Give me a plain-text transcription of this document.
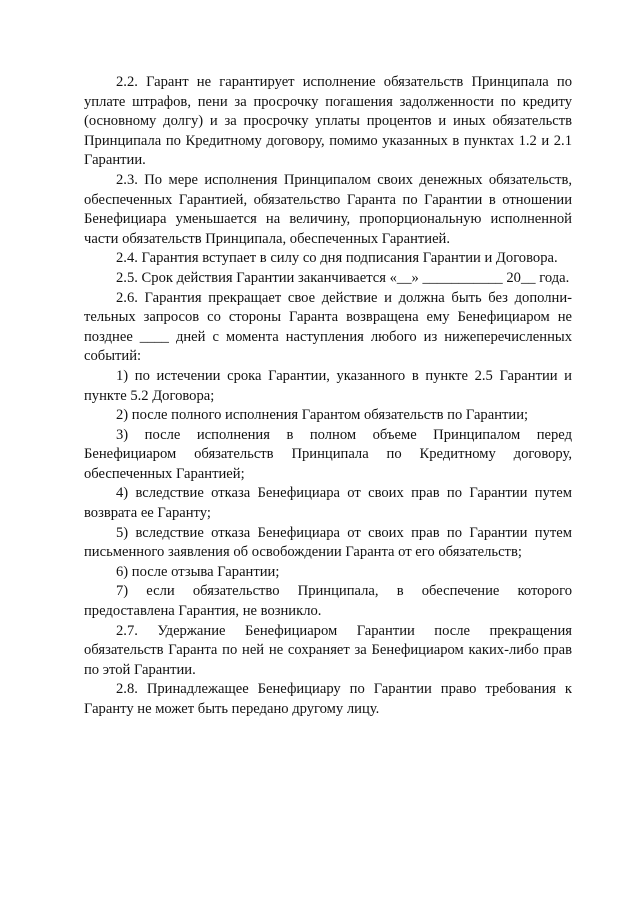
2.2. Гарант не гарантирует исполнение обязательств Принципала по уплате штрафов, пени за просрочку погашения задолженности по кредиту (основному долгу) и за просрочку уплаты процентов и иных обязательств Принципала по Кредитному договору, помимо указанных в пунктах 1.2 и 2.1 Гарантии.

2.3. По мере исполнения Принципалом своих денежных обязательств, обеспеченных Гарантией, обязательство Гаранта по Гарантии в отношении Бенефициара уменьшается на величину, пропорциональную исполненной части обязательств Принципала, обеспеченных Гарантией.

2.4. Гарантия вступает в силу со дня подписания Гарантии и Договора.

2.5. Срок действия Гарантии заканчивается «__» ___________ 20__ года.

2.6. Гарантия прекращает свое действие и должна быть без дополни-тельных запросов со стороны Гаранта возвращена ему Бенефициаром не позднее ____ дней с момента наступления любого из нижеперечисленных событий:

1) по истечении срока Гарантии, указанного в пункте 2.5 Гарантии и пункте 5.2 Договора;

2) после полного исполнения Гарантом обязательств по Гарантии;

3) после исполнения в полном объеме Принципалом перед Бенефициаром обязательств Принципала по Кредитному договору, обеспеченных Гарантией;

4) вследствие отказа Бенефициара от своих прав по Гарантии путем возврата ее Гаранту;

5) вследствие отказа Бенефициара от своих прав по Гарантии путем письменного заявления об освобождении Гаранта от его обязательств;

6) после отзыва Гарантии;

7) если обязательство Принципала, в обеспечение которого предоставлена Гарантия, не возникло.

2.7. Удержание Бенефициаром Гарантии после прекращения обязательств Гаранта по ней не сохраняет за Бенефициаром каких-либо прав по этой Гарантии.

2.8. Принадлежащее Бенефициару по Гарантии право требования к Гаранту не может быть передано другому лицу.
